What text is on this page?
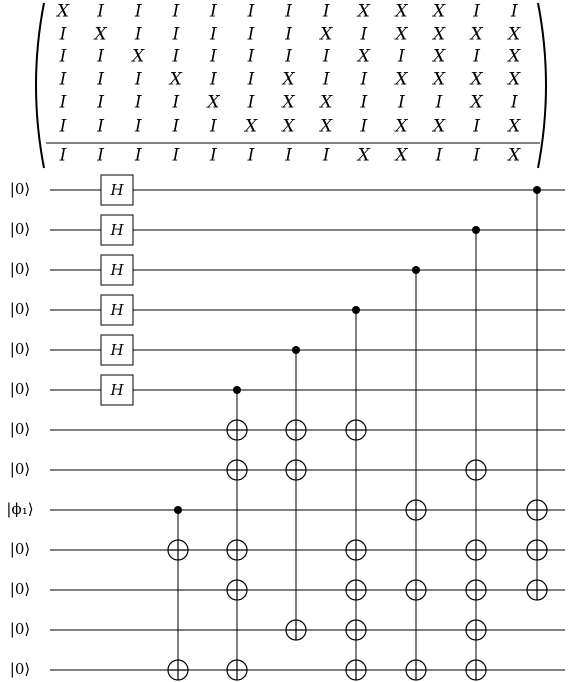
X I I I I I I I X X X I I
I X I I I I I X I X X X X
I I X I I I I I X I X I X
I I I X I I X I I X X X X
I I I I X I X X I I I X I
I I I I I X X X I X X I X
I I I I I I I I X X I I X
|0⟩
|0⟩
|0⟩
|0⟩
|0⟩
|0⟩
|0⟩
|0⟩
|ϕ₁⟩
|0⟩
|0⟩
|0⟩
|0⟩
H
H
H
H
H
H
